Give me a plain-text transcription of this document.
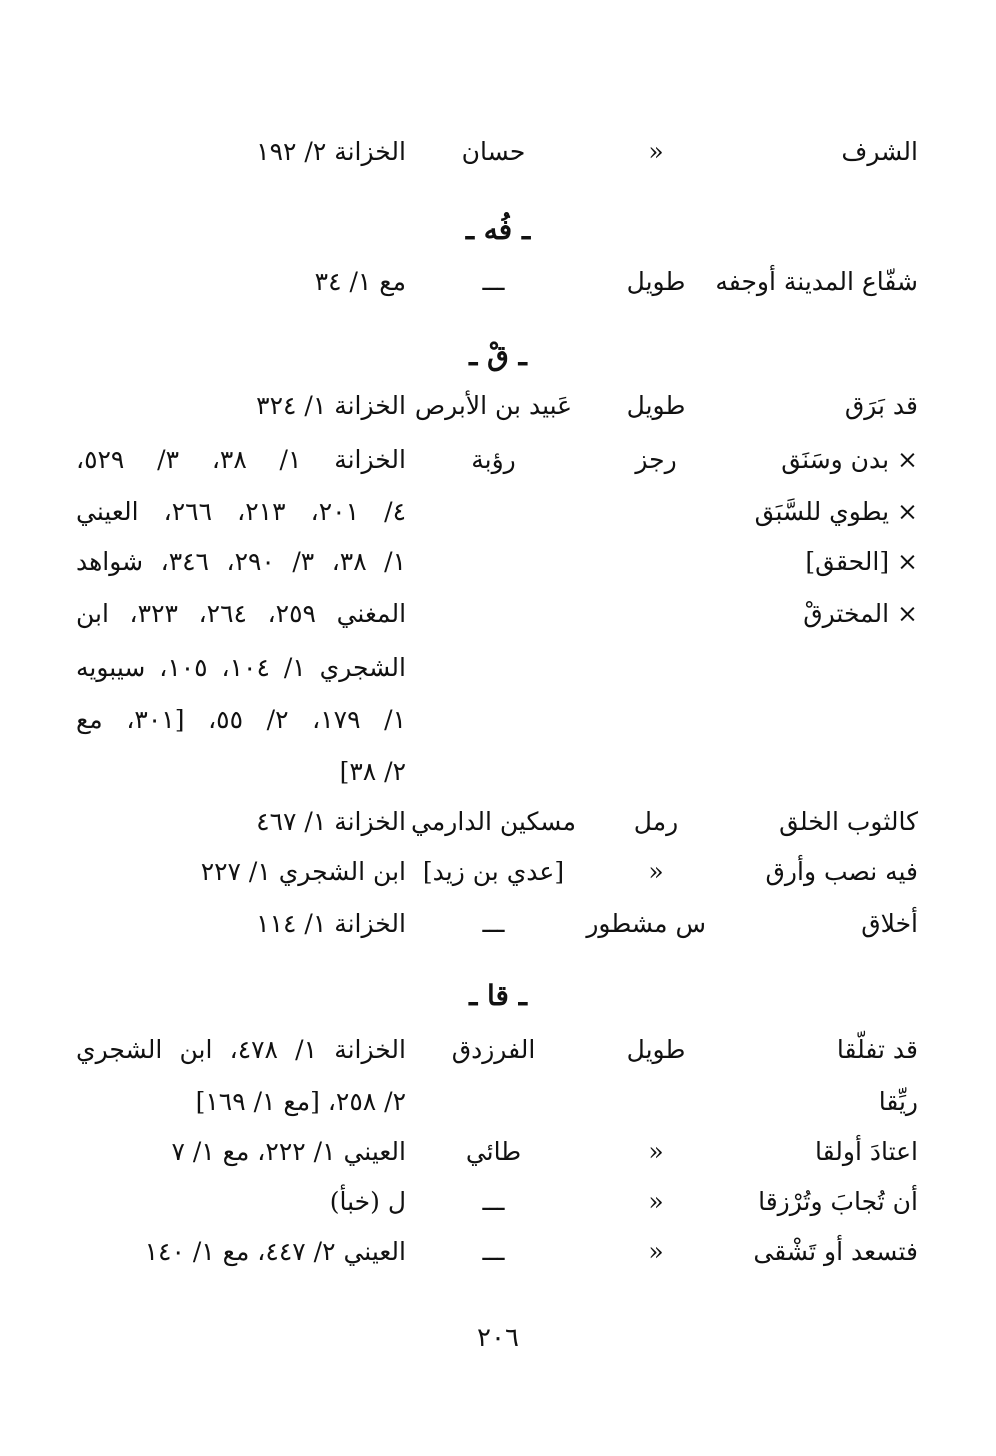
الشرف
«
حسان
الخزانة ٢/ ١٩٢
ـ فُه ـ
شفّاع المدينة أوجفه
طويل
ـــ
مع ١/ ٣٤
ـ قْ ـ
قد بَرَق
طويل
عَبيد بن الأبرص
الخزانة ١/ ٣٢٤
× بدن وسَنَق
رجز
رؤبة
الخزانة ١/ ٣٨، ٣/ ٥٢٩،
× يطوي للسَّبَق
٤/ ٢٠١، ٢١٣، ٢٦٦، العيني
× [الحقق]
١/ ٣٨، ٣/ ٢٩٠، ٣٤٦، شواهد
× المخترقْ
المغني ٢٥٩، ٢٦٤، ٣٢٣، ابن
الشجري ١/ ١٠٤، ١٠٥، سيبويه
١/ ١٧٩، ٢/ ٥٥، [٣٠١، مع
٢/ ٣٨]
كالثوب الخلق
رمل
مسكين الدارمي
الخزانة ١/ ٤٦٧
فيه نصب وأرق
«
[عدي بن زيد]
ابن الشجري ١/ ٢٢٧
أخلاق
س مشطور
ـــ
الخزانة ١/ ١١٤
ـ قا ـ
قد تفلّقا
طويل
الفرزدق
الخزانة ١/ ٤٧٨، ابن الشجري
ريِّقا
٢/ ٢٥٨، [مع ١/ ١٦٩]
اعتادَ أولقا
«
طائي
العيني ١/ ٢٢٢، مع ١/ ٧
أن تُجابَ وتُرْزقا
«
ـــ
ل (خبأ)
فتسعد أو تَشْقى
«
ـــ
العيني ٢/ ٤٤٧، مع ١/ ١٤٠
٢٠٦
